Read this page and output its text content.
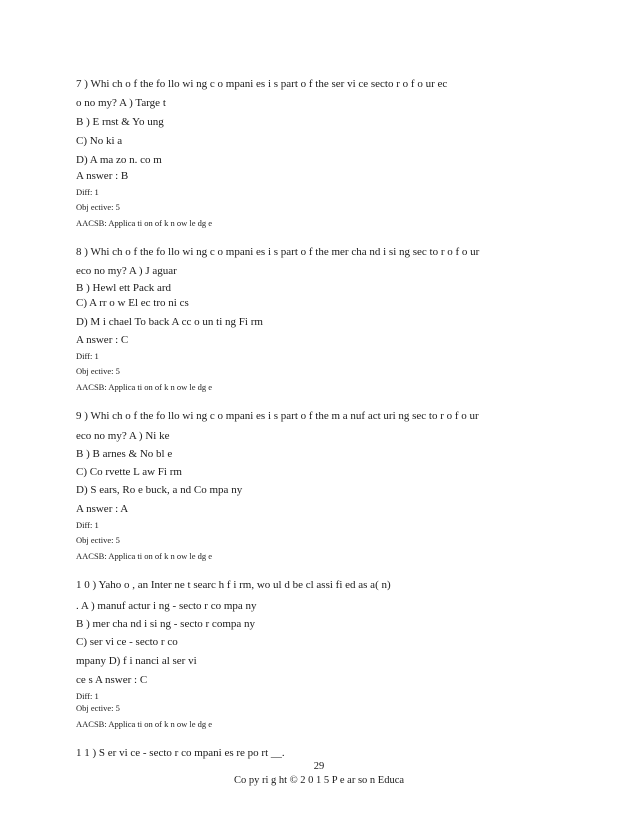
7 ) Whi ch o f the fo llo wi ng c o mpani es i s part o f the ser vi ce secto r o f o ur ec
o no my? A ) Targe t
B ) E rnst & Yo ung
C) No ki a
D) A ma zo n. co m
A nswer : B
Diff: 1
Obj ective: 5
AACSB: Applica ti on of k n ow le dg e
8 ) Whi ch o f the fo llo wi ng c o mpani es i s part o f the mer cha nd i si ng sec to r o f o ur
eco no my? A ) J aguar
B ) Hewl ett Pack ard
C) A rr o w El ec tro ni cs
D) M i chael To back A cc o un ti ng Fi rm
A nswer : C
Diff: 1
Obj ective: 5
AACSB: Applica ti on of k n ow le dg e
9 ) Whi ch o f the fo llo wi ng c o mpani es i s part o f the m a nuf act uri ng sec to r o f o ur
eco no my? A ) Ni ke
B ) B arnes & No bl e
C) Co rvette L aw Fi rm
D) S ears, Ro e buck, a nd Co mpa ny
A nswer : A
Diff: 1
Obj ective: 5
AACSB: Applica ti on of k n ow le dg e
1 0 ) Yaho o , an Inter ne t searc h f i rm, wo ul d be cl assi fi ed as a( n)
. A ) manuf actur i ng - secto r co mpa ny
B ) mer cha nd i si ng - secto r compa ny
C) ser vi ce - secto r co
mpany D) f i nanci al ser vi
ce s A nswer : C
Diff: 1
Obj ective: 5
AACSB: Applica ti on of k n ow le dg e
1 1 ) S er vi ce - secto r co mpani es re po rt __.
29
Co py ri g ht © 2 0 1 5 P e ar so n Educa
